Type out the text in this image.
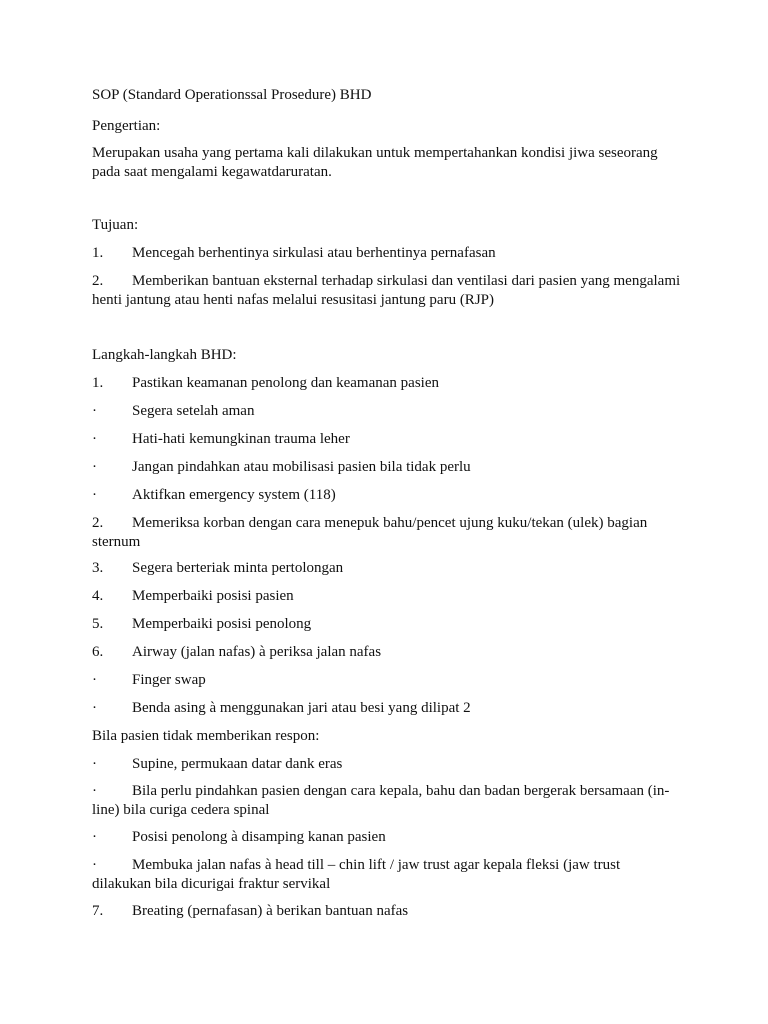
SOP (Standard Operationssal Prosedure) BHD

Pengertian:

Merupakan usaha yang pertama kali dilakukan untuk mempertahankan kondisi jiwa seseorang pada saat mengalami kegawatdaruratan.

Tujuan:

1. Mencegah berhentinya sirkulasi atau berhentinya pernafasan

2. Memberikan bantuan eksternal terhadap sirkulasi dan ventilasi dari pasien yang mengalami henti jantung atau henti nafas melalui resusitasi jantung paru (RJP)

Langkah-langkah BHD:

1. Pastikan keamanan penolong dan keamanan pasien

· Segera setelah aman

· Hati-hati kemungkinan trauma leher

· Jangan pindahkan atau mobilisasi pasien bila tidak perlu

· Aktifkan emergency system (118)

2. Memeriksa korban dengan cara menepuk bahu/pencet ujung kuku/tekan (ulek) bagian sternum

3. Segera berteriak minta pertolongan

4. Memperbaiki posisi pasien

5. Memperbaiki posisi penolong

6. Airway (jalan nafas) à periksa jalan nafas

· Finger swap

· Benda asing à menggunakan jari atau besi yang dilipat 2

Bila pasien tidak memberikan respon:

· Supine, permukaan datar dank eras

· Bila perlu pindahkan pasien dengan cara kepala, bahu dan badan bergerak bersamaan (in-line) bila curiga cedera spinal

· Posisi penolong à disamping kanan pasien

· Membuka jalan nafas à head till – chin lift / jaw trust agar kepala fleksi (jaw trust dilakukan bila dicurigai fraktur servikal

7. Breating (pernafasan) à berikan bantuan nafas
